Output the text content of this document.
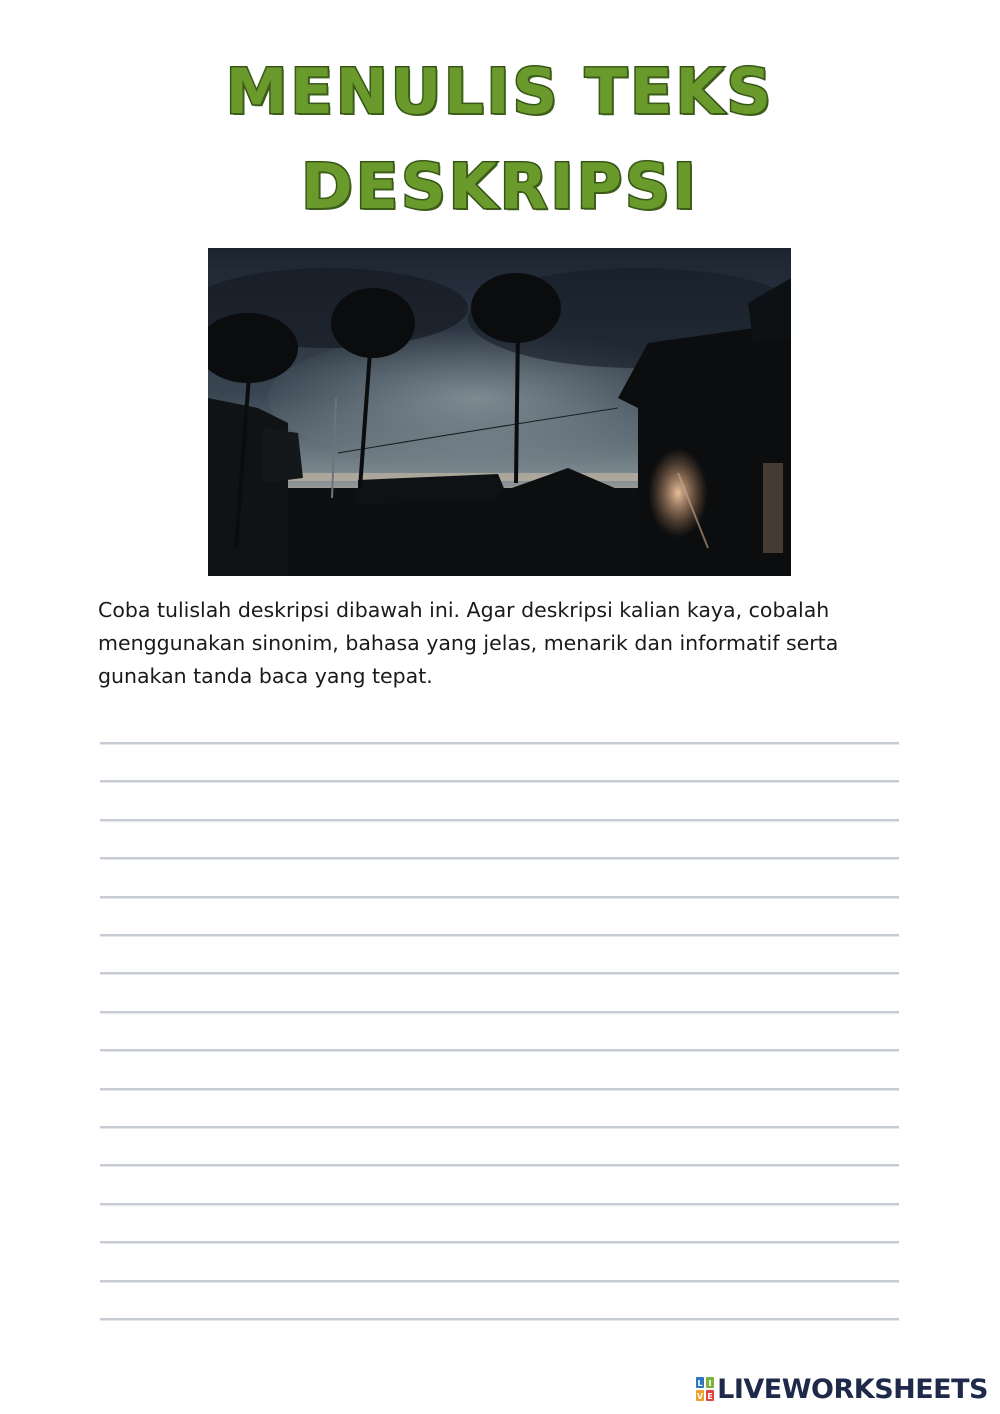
MENULIS TEKS
DESKRIPSI

Coba tulislah deskripsi dibawah ini. Agar deskripsi kalian kaya, cobalah menggunakan sinonim, bahasa yang jelas, menarik dan informatif serta gunakan tanda baca yang tepat.

L I
V E LIVEWORKSHEETS
